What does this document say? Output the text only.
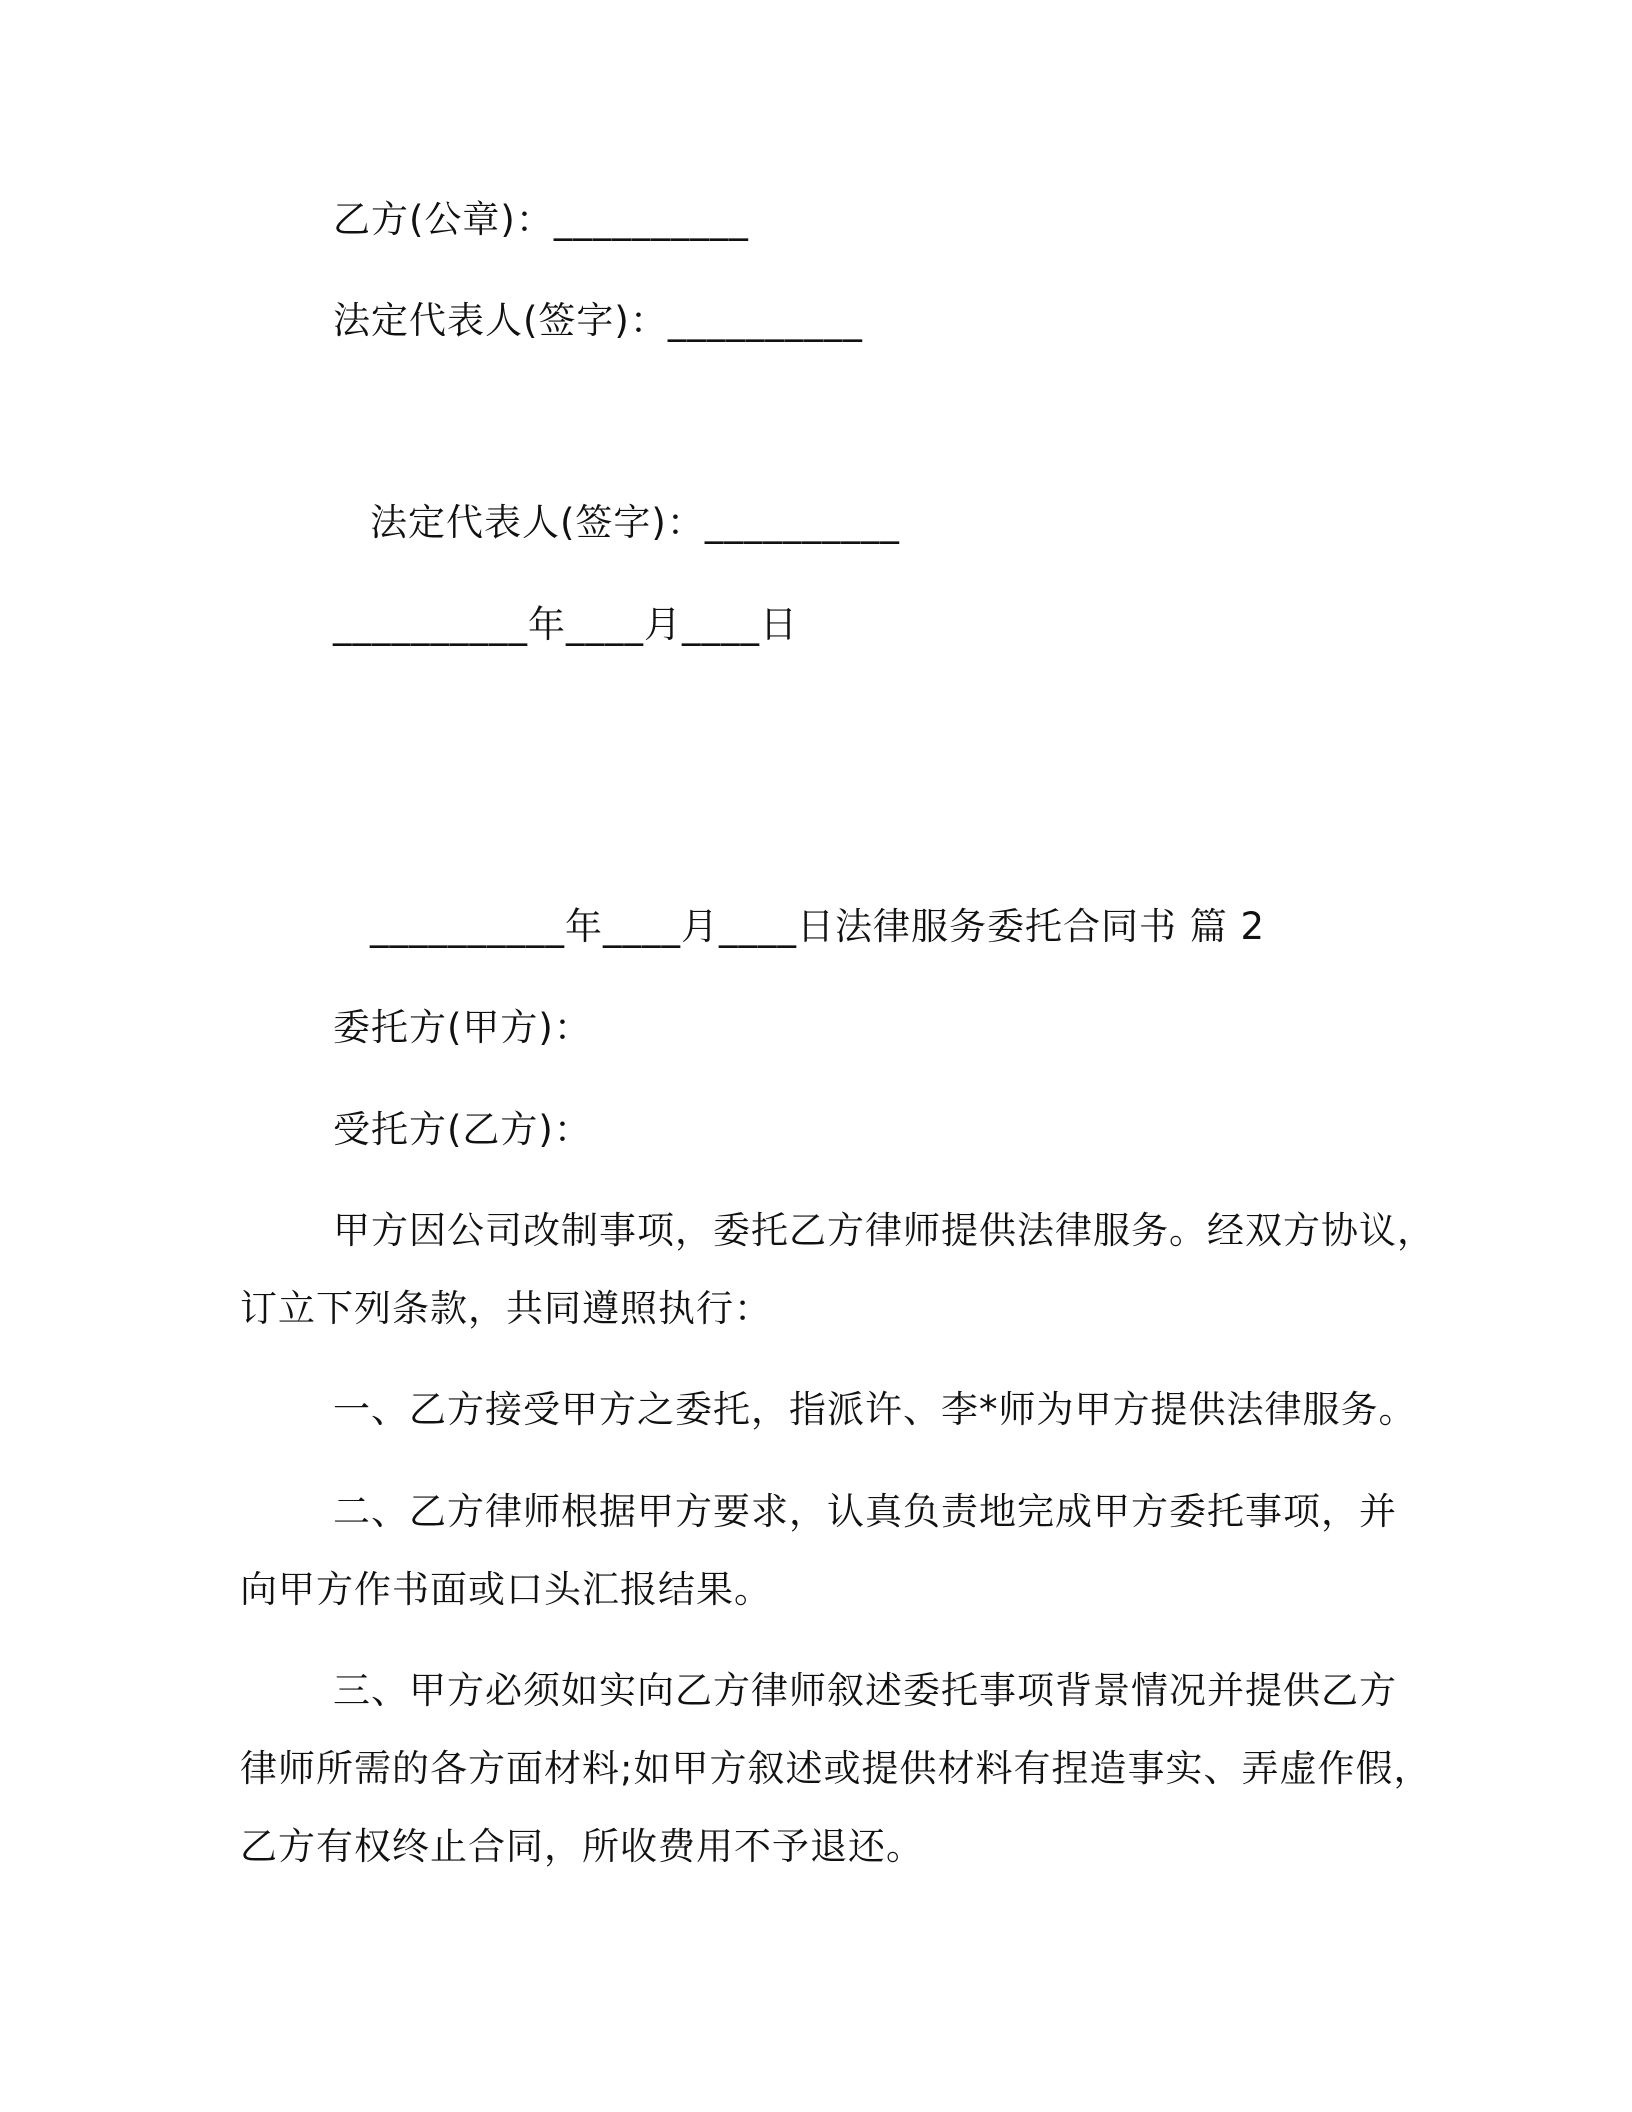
乙方(公章)：__________
法定代表人(签字)：__________
法定代表人(签字)：__________
__________年____月____日
__________年____月____日法律服务委托合同书 篇 2
委托方(甲方)：
受托方(乙方)：
甲方因公司改制事项，委托乙方律师提供法律服务。经双方协议，
订立下列条款，共同遵照执行：
一、乙方接受甲方之委托，指派许、李*师为甲方提供法律服务。
二、乙方律师根据甲方要求，认真负责地完成甲方委托事项，并
向甲方作书面或口头汇报结果。
三、甲方必须如实向乙方律师叙述委托事项背景情况并提供乙方
律师所需的各方面材料;如甲方叙述或提供材料有捏造事实、弄虚作假，
乙方有权终止合同，所收费用不予退还。
